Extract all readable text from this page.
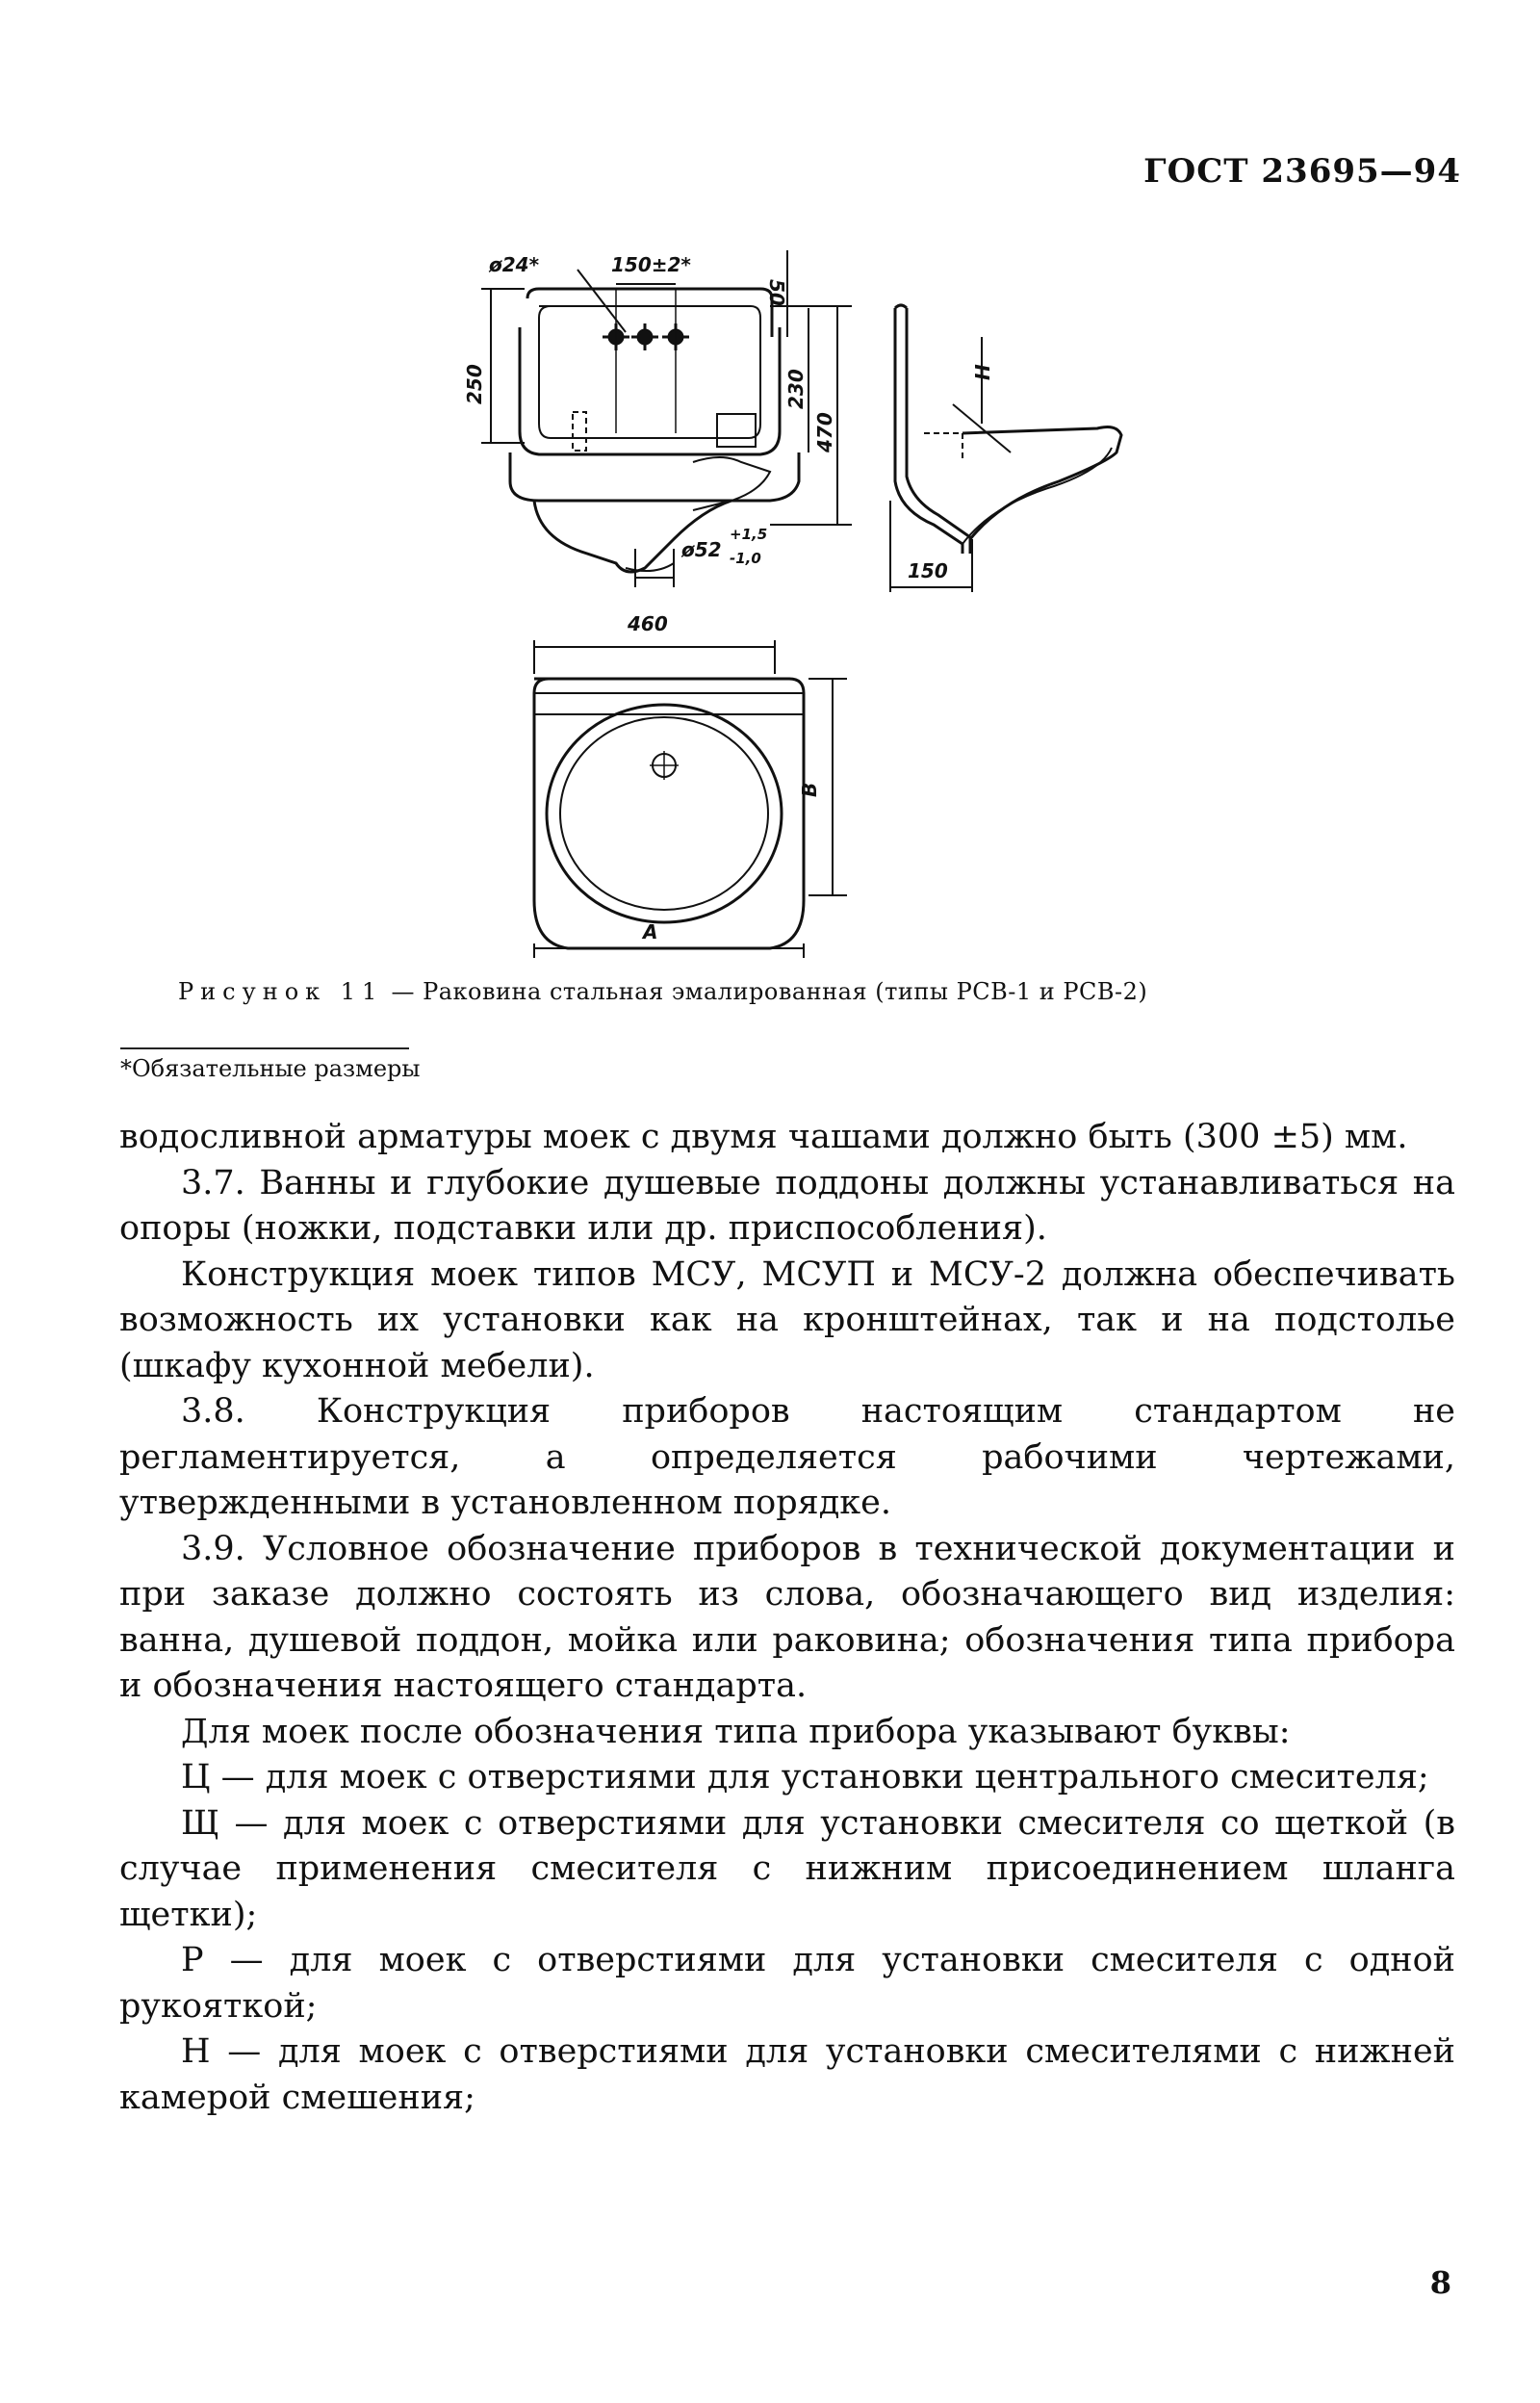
ГОСТ 23695—94
ø24*	150±2*
50
250	230
470
ø52
+1,5
-1,0
150
H
460
A
B
Рисунок 11 — Раковина стальная эмалированная (типы РСВ-1 и РСВ-2)
*Обязательные размеры

водосливной арматуры моек с двумя чашами должно быть (300 ±5) мм.

3.7. Ванны и глубокие душевые поддоны должны устанавливаться на опоры (ножки, подставки или др. приспособления).

Конструкция моек типов МСУ, МСУП и МСУ-2 должна обеспечивать возможность их установки как на кронштейнах, так и на подстолье (шкафу кухонной мебели).

3.8. Конструкция приборов настоящим стандартом не регламентируется, а определяется рабочими чертежами, утвержденными в установленном порядке.

3.9. Условное обозначение приборов в технической документации и при заказе должно состоять из слова, обозначающего вид изделия: ванна, душевой поддон, мойка или раковина; обозначения типа прибора и обозначения настоящего стандарта.

Для моек после обозначения типа прибора указывают буквы:

Ц — для моек с отверстиями для установки центрального смесителя;

Щ — для моек с отверстиями для установки смесителя со щеткой (в случае применения смесителя с нижним присоединением шланга щетки);

Р — для моек с отверстиями для установки смесителя с одной рукояткой;

Н — для моек с отверстиями для установки смесителями с нижней камерой смешения;

8
